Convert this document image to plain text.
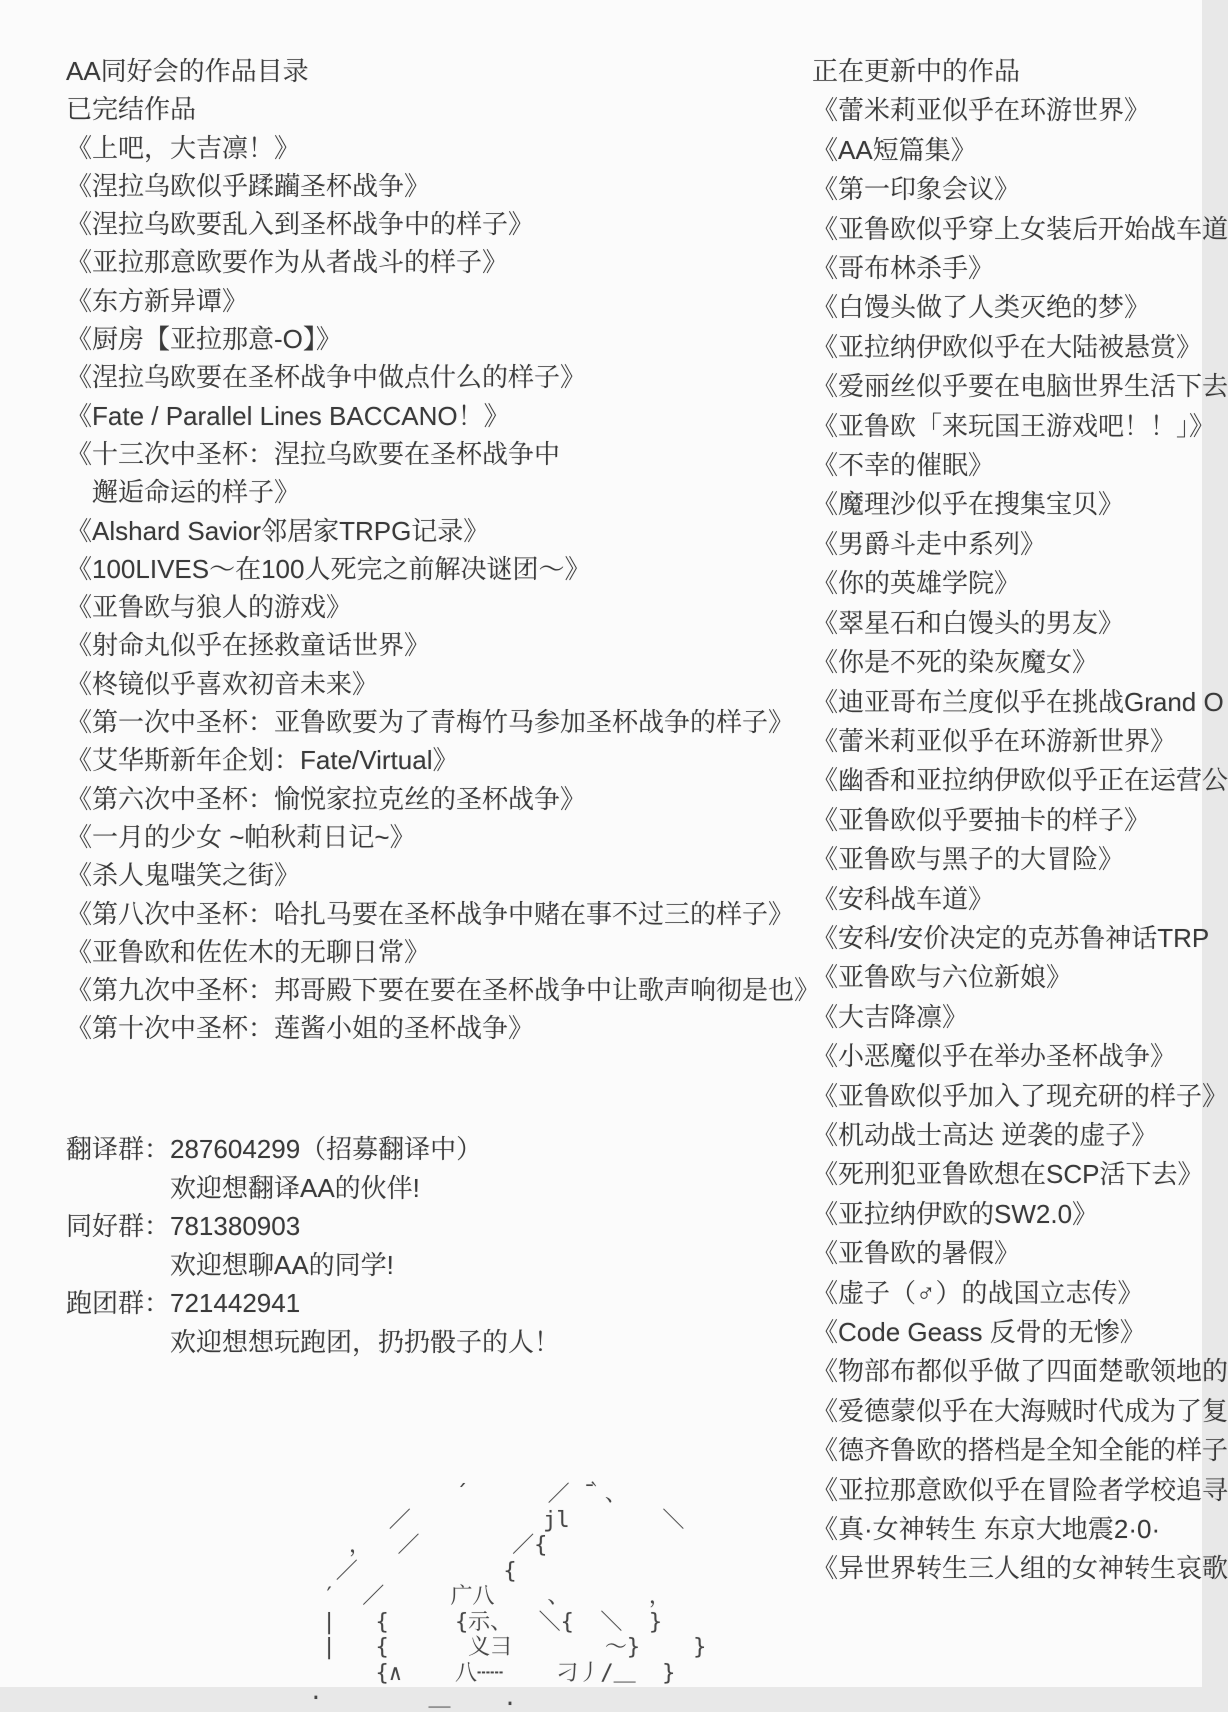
AA同好会的作品目录
已完结作品
《上吧，大吉凛！》
《涅拉乌欧似乎蹂躏圣杯战争》
《涅拉乌欧要乱入到圣杯战争中的样子》
《亚拉那意欧要作为从者战斗的样子》
《东方新异谭》
《厨房【亚拉那意-O】》
《涅拉乌欧要在圣杯战争中做点什么的样子》
《Fate / Parallel Lines BACCANO！》
《十三次中圣杯：涅拉乌欧要在圣杯战争中
　邂逅命运的样子》
《Alshard Savior邻居家TRPG记录》
《100LIVES～在100人死完之前解决谜团～》
《亚鲁欧与狼人的游戏》
《射命丸似乎在拯救童话世界》
《柊镜似乎喜欢初音未来》
《第一次中圣杯：亚鲁欧要为了青梅竹马参加圣杯战争的样子》
《艾华斯新年企划：Fate/Virtual》
《第六次中圣杯：愉悦家拉克丝的圣杯战争》
《一月的少女 ~帕秋莉日记~》
《杀人鬼嗤笑之街》
《第八次中圣杯：哈扎马要在圣杯战争中赌在事不过三的样子》
《亚鲁欧和佐佐木的无聊日常》
《第九次中圣杯：邦哥殿下要在要在圣杯战争中让歌声响彻是也》
《第十次中圣杯：莲酱小姐的圣杯战争》
翻译群：287604299（招募翻译中）
欢迎想翻译AA的伙伴!
同好群：781380903
欢迎想聊AA的同学!
跑团群：721442941
欢迎想想玩跑团，扔扔骰子的人！
正在更新中的作品
《蕾米莉亚似乎在环游世界》
《AA短篇集》
《第一印象会议》
《亚鲁欧似乎穿上女装后开始战车道
《哥布林杀手》
《白馒头做了人类灭绝的梦》
《亚拉纳伊欧似乎在大陆被悬赏》
《爱丽丝似乎要在电脑世界生活下去
《亚鲁欧「来玩国王游戏吧！！」》
《不幸的催眠》
《魔理沙似乎在搜集宝贝》
《男爵斗走中系列》
《你的英雄学院》
《翠星石和白馒头的男友》
《你是不死的染灰魔女》
《迪亚哥布兰度似乎在挑战Grand O
《蕾米莉亚似乎在环游新世界》
《幽香和亚拉纳伊欧似乎正在运营公
《亚鲁欧似乎要抽卡的样子》
《亚鲁欧与黑子的大冒险》
《安科战车道》
《安科/安价决定的克苏鲁神话TRP
《亚鲁欧与六位新娘》
《大吉降凛》
《小恶魔似乎在举办圣杯战争》
《亚鲁欧似乎加入了现充研的样子》
《机动战士高达 逆袭的虚子》
《死刑犯亚鲁欧想在SCP活下去》
《亚拉纳伊欧的SW2.0》
《亚鲁欧的暑假》
《虚子（♂）的战国立志传》
《Code Geass 反骨的无惨》
《物部布都似乎做了四面楚歌领地的
《爱德蒙似乎在大海贼时代成为了复
《德齐鲁欧的搭档是全知全能的样子
《亚拉那意欧似乎在冒险者学校追寻
《真·女神转生 东京大地震2·0·
《异世界转生三人组的女神转生哀歌
´      ／ ̄｀、
／          jl       ＼
，  ／       ／{
／           {
′  ／     广八    、      ，
|   {     {示、  ＼{  ＼  }
|   {      义彐       ～}    }
{∧    八┄┄    刁丿/＿  }
·        ＿    .
